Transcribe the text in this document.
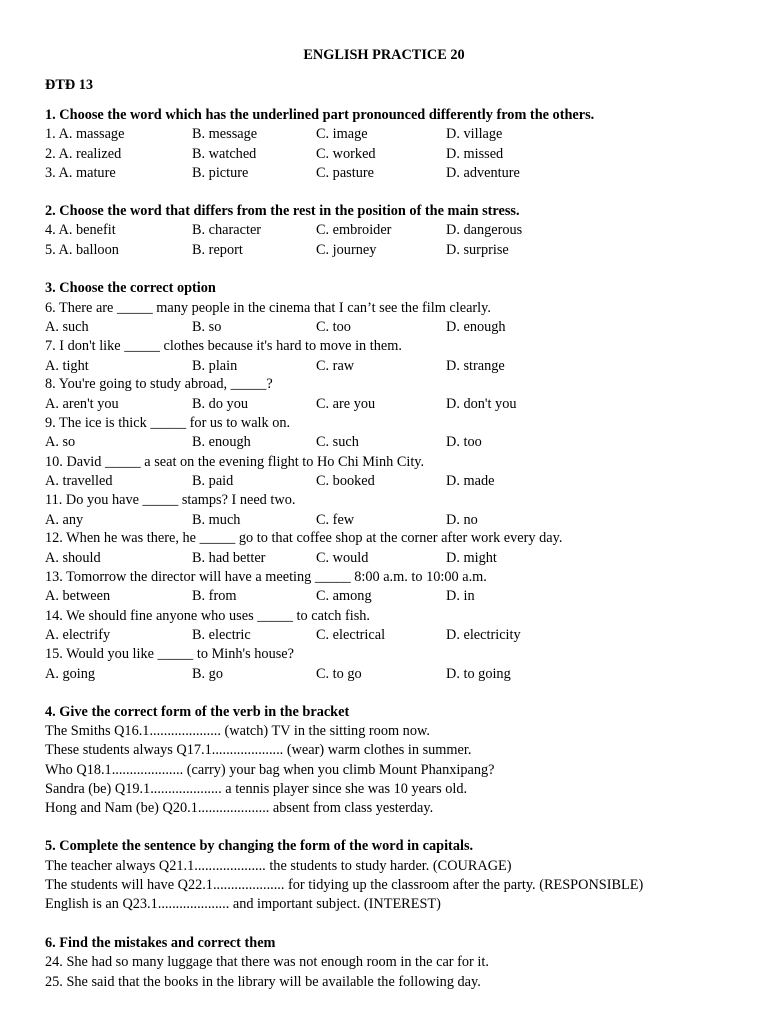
ENGLISH PRACTICE 20
ĐTĐ 13
1. Choose the word which has the underlined part pronounced differently from the others.
1. A. massage	B. message	C. image	D. village
2. A. realized	B. watched	C. worked	D. missed
3. A. mature	B. picture	C. pasture	D. adventure
2. Choose the word that differs from the rest in the position of the main stress.
4. A. benefit	B. character	C. embroider	D. dangerous
5. A. balloon	B. report	C. journey	D. surprise
3. Choose the correct option
6. There are _____ many people in the cinema that I can’t see the film clearly.
A. such	B. so	C. too	D. enough
7. I don't like _____ clothes because it's hard to move in them.
A. tight	B. plain	C. raw	D. strange
8. You're going to study abroad, _____?
A. aren't you	B. do you	C. are you	D. don't you
9. The ice is thick _____ for us to walk on.
A. so	B. enough	C. such	D. too
10. David _____ a seat on the evening flight to Ho Chi Minh City.
A. travelled	B. paid	C. booked	D. made
11. Do you have _____ stamps? I need two.
A. any	B. much	C. few	D. no
12. When he was there, he _____ go to that coffee shop at the corner after work every day.
A. should	B. had better	C. would	D. might
13. Tomorrow the director will have a meeting _____ 8:00 a.m. to 10:00 a.m.
A. between	B. from	C. among	D. in
14. We should fine anyone who uses _____ to catch fish.
A. electrify	B. electric	C. electrical	D. electricity
15. Would you like _____ to Minh's house?
A. going	B. go	C. to go	D. to going
4. Give the correct form of the verb in the bracket
The Smiths Q16.1.................... (watch) TV in the sitting room now.
These students always Q17.1.................... (wear) warm clothes in summer.
Who Q18.1.................... (carry) your bag when you climb Mount Phanxipang?
Sandra (be) Q19.1.................... a tennis player since she was 10 years old.
Hong and Nam (be) Q20.1.................... absent from class yesterday.
5. Complete the sentence by changing the form of the word in capitals.
The teacher always Q21.1.................... the students to study harder. (COURAGE)
The students will have Q22.1.................... for tidying up the classroom after the party. (RESPONSIBLE)
English is an Q23.1.................... and important subject. (INTEREST)
6. Find the mistakes and correct them
24. She had so many luggage that there was not enough room in the car for it.
25. She said that the books in the library will be available the following day.
